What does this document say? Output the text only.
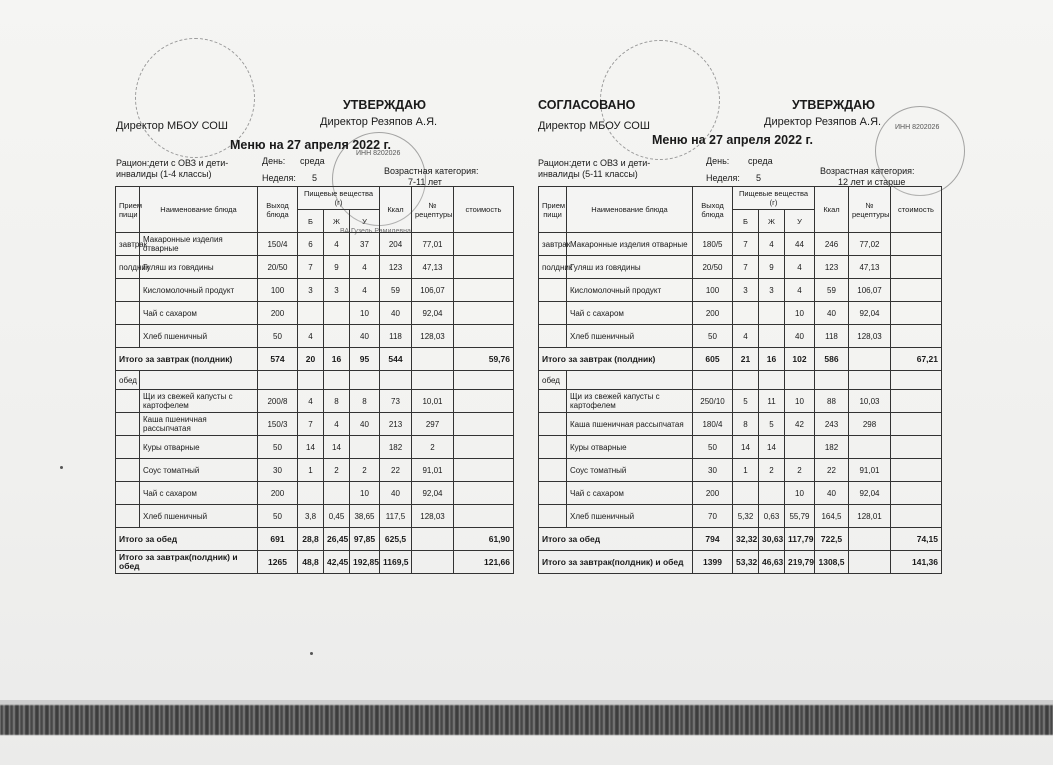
ИНН 8202026
ВА Гузель Рамилевна
УТВЕРЖДАЮ
Директор МБОУ СОШ	Директор Резяпов А.Я.
Меню на 27 апреля 2022 г.
Рацион:дети с ОВЗ и дети-инвалиды (1-4 классы)
День: среда
Неделя: 5
Возрастная категория:
7-11 лет
Прием пищи	Наименование блюда	Выход блюда	Пищевые вещества (г)			Ккал	№ рецептуры	стоимость
			Б	Ж	У			
завтрак	Макаронные изделия отварные	150/4	6	4	37	204	77,01	
полдник	Гуляш из говядины	20/50	7	9	4	123	47,13	
	Кисломолочный продукт	100	3	3	4	59	106,07	
	Чай с сахаром	200			10	40	92,04	
	Хлеб пшеничный	50	4		40	118	128,03	
Итого за завтрак (полдник)		574	20	16	95	544		59,76
обед								
	Щи из свежей капусты с картофелем	200/8	4	8	8	73	10,01	
	Каша пшеничная рассыпчатая	150/3	7	4	40	213	297	
	Куры отварные	50	14	14		182	2	
	Соус томатный	30	1	2	2	22	91,01	
	Чай с сахаром	200			10	40	92,04	
	Хлеб пшеничный	50	3,8	0,45	38,65	117,5	128,03	
Итого за обед		691	28,8	26,45	97,85	625,5		61,90
Итого за завтрак(полдник) и обед		1265	48,8	42,45	192,85	1169,5		121,66
ИНН 8202026
СОГЛАСОВАНО	УТВЕРЖДАЮ
Директор МБОУ СОШ	Директор Резяпов А.Я.
Меню на 27 апреля 2022 г.
Рацион:дети с ОВЗ и дети-инвалиды (5-11 классы)
День: среда
Неделя: 5
Возрастная категория:
12 лет и старше
Прием пищи	Наименование блюда	Выход блюда	Пищевые вещества (г)			Ккал	№ рецептуры	стоимость
			Б	Ж	У			
завтрак	Макаронные изделия отварные	180/5	7	4	44	246	77,02	
полдник	Гуляш из говядины	20/50	7	9	4	123	47,13	
	Кисломолочный продукт	100	3	3	4	59	106,07	
	Чай с сахаром	200			10	40	92,04	
	Хлеб пшеничный	50	4		40	118	128,03	
Итого за завтрак (полдник)		605	21	16	102	586		67,21
обед								
	Щи из свежей капусты с картофелем	250/10	5	11	10	88	10,03	
	Каша пшеничная рассыпчатая	180/4	8	5	42	243	298	
	Куры отварные	50	14	14		182		
	Соус томатный	30	1	2	2	22	91,01	
	Чай с сахаром	200			10	40	92,04	
	Хлеб пшеничный	70	5,32	0,63	55,79	164,5	128,01	
Итого за обед		794	32,32	30,63	117,79	722,5		74,15
Итого за завтрак(полдник) и обед		1399	53,32	46,63	219,79	1308,5		141,36
